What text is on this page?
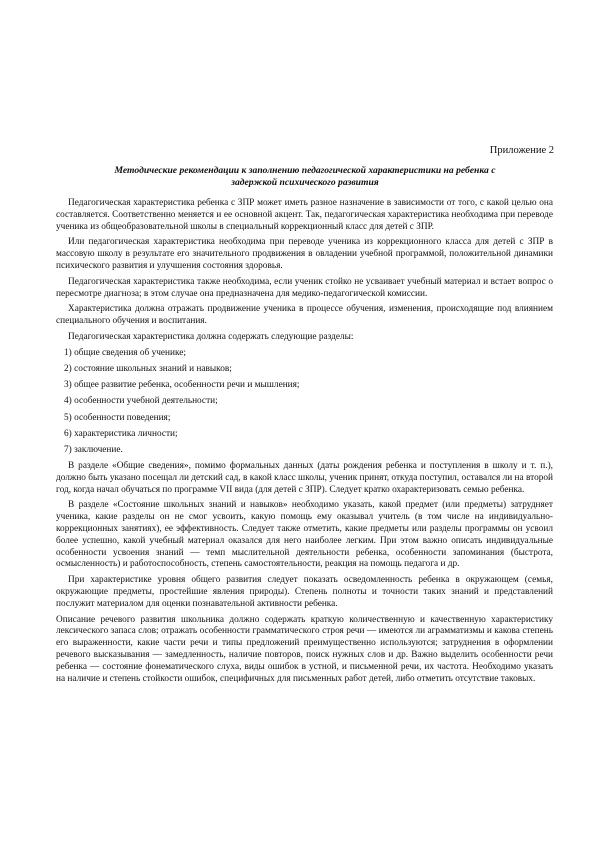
Приложение 2
Методические рекомендации к заполнению педагогической характеристики на ребенка с
задержкой психического развития

Педагогическая характеристика ребенка с ЗПР может иметь разное назначение в зависимости от того, с какой целью она составляется. Соответственно меняется и ее основной акцент. Так, педагогическая характеристика необходима при переводе ученика из общеобразовательной школы в специальный коррекционный класс для детей с ЗПР.

Или педагогическая характеристика необходима при переводе ученика из коррекционного класса для детей с ЗПР в массовую школу в результате его значительного продвижения в овладении учебной программой, положительной динамики психического развития и улучшения состояния здоровья.

Педагогическая характеристика также необходима, если ученик стойко не усваивает учебный материал и встает вопрос о пересмотре диагноза; в этом случае она предназначена для медико-педагогической комиссии.

Характеристика должна отражать продвижение ученика в процессе обучения, изменения, происходящие под влиянием специального обучения и воспитания.

Педагогическая характеристика должна содержать следующие разделы:

1) общие сведения об ученике;
2) состояние школьных знаний и навыков;
3) общее развитие ребенка, особенности речи и мышления;
4) особенности учебной деятельности;
5) особенности поведения;
6) характеристика личности;
7) заключение.

В разделе «Общие сведения», помимо формальных данных (даты рождения ребенка и поступления в школу и т. п.), должно быть указано посещал ли детский сад, в какой класс школы, ученик принят, откуда поступил, оставался ли на второй год, когда начал обучаться по программе VII вида (для детей с ЗПР). Следует кратко охарактеризовать семью ребенка.

В разделе «Состояние школьных знаний и навыков» необходимо указать, какой предмет (или предметы) затрудняет ученика, какие разделы он не смог усвоить, какую помощь ему оказывал учитель (в том числе на индивидуально-коррекционных занятиях), ее эффективность. Следует также отметить, какие предметы или разделы программы он усвоил более успешно, какой учебный материал оказался для него наиболее легким. При этом важно описать индивидуальные особенности усвоения знаний — темп мыслительной деятельности ребенка, особенности запоминания (быстрота, осмысленность) и работоспособность, степень самостоятельности, реакция на помощь педагога и др.

При характеристике уровня общего развития следует показать осведомленность ребенка в окружающем (семья, окружающие предметы, простейшие явления природы). Степень полноты и точности таких знаний и представлений послужит материалом для оценки познавательной активности ребенка.

Описание речевого развития школьника должно содержать краткую количественную и качественную характеристику лексического запаса слов; отражать особенности грамматического строя речи — имеются ли аграмматизмы и какова степень его выраженности, какие части речи и типы предложений преимущественно используются; затруднения в оформлении речевого высказывания — замедленность, наличие повторов, поиск нужных слов и др. Важно выделить особенности речи ребенка — состояние фонематического слуха, виды ошибок в устной, и письменной речи, их частота. Необходимо указать на наличие и степень стойкости ошибок, специфичных для письменных работ детей, либо отметить отсутствие таковых.
